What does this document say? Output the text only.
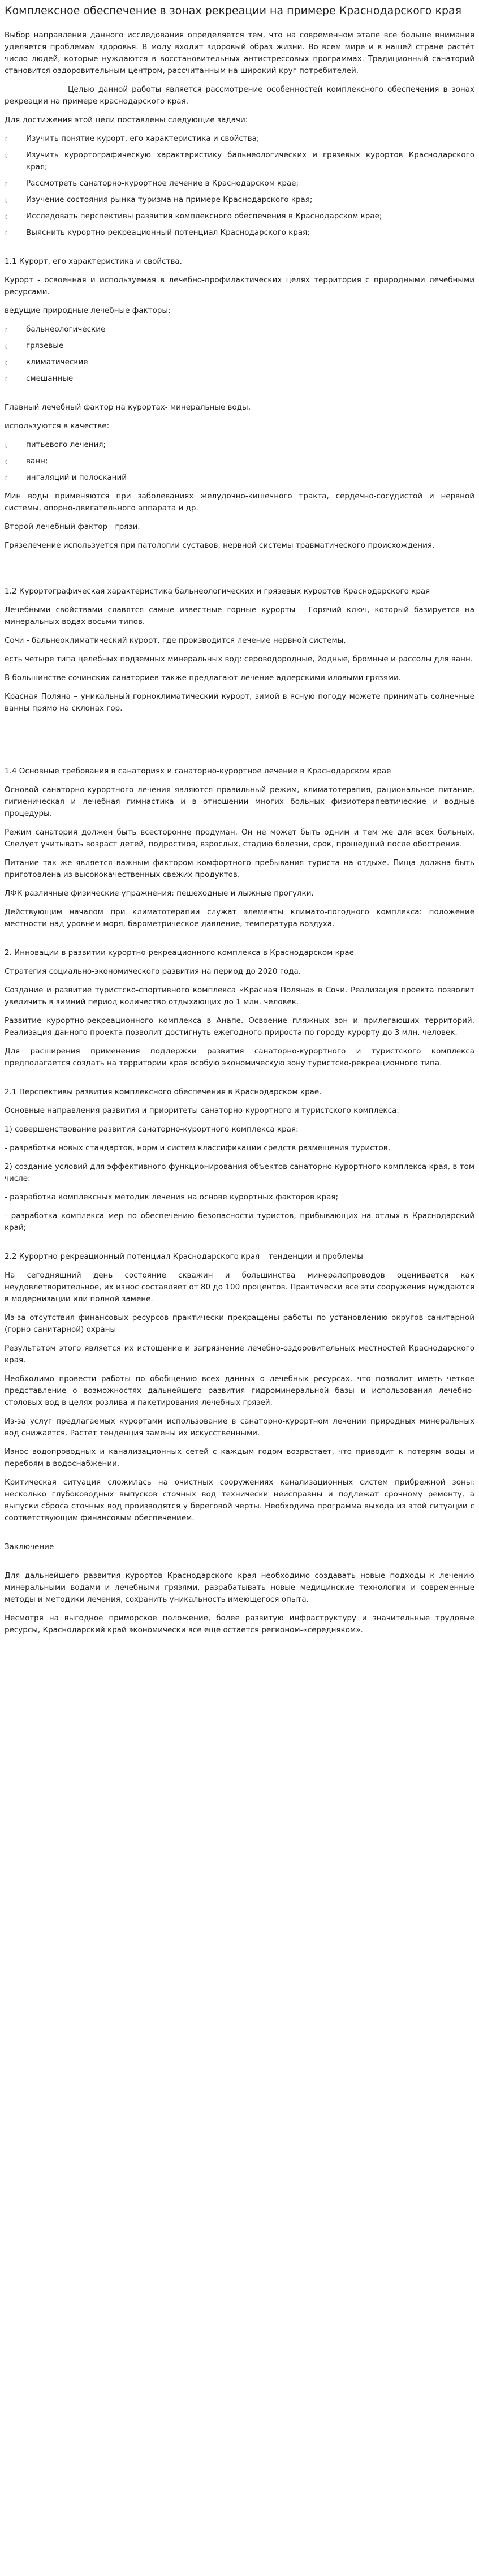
Комплексное обеспечение в зонах рекреации на примере Краснодарского края

Выбор направления данного исследования определяется тем, что на современном этапе все больше внимания уделяется проблемам здоровья. В моду входит здоровый образ жизни. Во всем мире и в нашей стране растёт число людей, которые нуждаются в восстановительных антистрессовых программах. Традиционный санаторий становится оздоровительным центром, рассчитанным на широкий круг потребителей.

Целью данной работы является рассмотрение особенностей комплексного обеспечения в зонах рекреации на примере краснодарского края.

Для достижения этой цели поставлены следующие задачи:

▯ Изучить понятие курорт, его характеристика и свойства;
▯ Изучить курортографическую характеристику бальнеологических и грязевых курортов Краснодарского края;
▯ Рассмотреть санаторно-курортное лечение в Краснодарском крае;
▯ Изучение состояния рынка туризма на примере Краснодарского края;
▯ Исследовать перспективы развития комплексного обеспечения в Краснодарском крае;
▯ Выяснить курортно-рекреационный потенциал Краснодарского края;

1.1 Курорт, его характеристика и свойства.

Курорт - освоенная и используемая в лечебно-профилактических целях территория с природными лечебными ресурсами.

ведущие природные лечебные факторы:

▯ бальнеологические
▯ грязевые
▯ климатические
▯ смешанные

Главный лечебный фактор на курортах- минеральные воды,

используются в качестве:

▯ питьевого лечения;
▯ ванн;
▯ ингаляций и полосканий

Мин воды применяются при заболеваниях желудочно-кишечного тракта, сердечно-сосудистой и нервной системы, опорно-двигательного аппарата и др.

Второй лечебный фактор - грязи.

Грязелечение используется при патологии суставов, нервной системы травматического происхождения.

1.2 Курортографическая характеристика бальнеологических и грязевых курортов Краснодарского края

Лечебными свойствами славятся самые известные горные курорты - Горячий ключ, который базируется на минеральных водах восьми типов.

Сочи - бальнеоклиматический курорт, где производится лечение нервной системы,

есть четыре типа целебных подземных минеральных вод: сероводородные, йодные, бромные и рассолы для ванн.

В большинстве сочинских санаториев также предлагают лечение адлерскими иловыми грязями.

Красная Поляна – уникальный горноклиматический курорт, зимой в ясную погоду можете принимать солнечные ванны прямо на склонах гор.

1.4 Основные требования в санаториях и санаторно-курортное лечение в Краснодарском крае

Основой санаторно-курортного лечения являются правильный режим, климатотерапия, рациональное питание, гигиеническая и лечебная гимнастика и в отношении многих больных физиотерапевтические и водные процедуры.

Режим санатория должен быть всесторонне продуман. Он не может быть одним и тем же для всех больных. Следует учитывать возраст детей, подростков, взрослых, стадию болезни, срок, прошедший после обострения.

Питание так же является важным фактором комфортного пребывания туриста на отдыхе. Пища должна быть приготовлена из высококачественных свежих продуктов.

ЛФК различные физические упражнения: пешеходные и лыжные прогулки.

Действующим началом при климатотерапии служат элементы климато-погодного комплекса: положение местности над уровнем моря, барометрическое давление, температура воздуха.

2. Инновации в развитии курортно-рекреационного комплекса в Краснодарском крае

Стратегия социально-экономического развития на период до 2020 года.

Создание и развитие туристско-спортивного комплекса «Красная Поляна» в Сочи. Реализация проекта позволит увеличить в зимний период количество отдыхающих до 1 млн. человек.

Развитие курортно-рекреационного комплекса в Анапе. Освоение пляжных зон и прилегающих территорий. Реализация данного проекта позволит достигнуть ежегодного прироста по городу-курорту до 3 млн. человек.

Для расширения применения поддержки развития санаторно-курортного и туристского комплекса предполагается создать на территории края особую экономическую зону туристско-рекреационного типа.

2.1 Перспективы развития комплексного обеспечения в Краснодарском крае.

Основные направления развития и приоритеты санаторно-курортного и туристского комплекса:

1) совершенствование развития санаторно-курортного комплекса края:

- разработка новых стандартов, норм и систем классификации средств размещения туристов,

2) создание условий для эффективного функционирования объектов санаторно-курортного комплекса края, в том числе:

- разработка комплексных методик лечения на основе курортных факторов края;

- разработка комплекса мер по обеспечению безопасности туристов, прибывающих на отдых в Краснодарский край;

2.2 Курортно-рекреационный потенциал Краснодарского края – тенденции и проблемы

На сегодняшний день состояние скважин и большинства минералопроводов оценивается как неудовлетворительное, их износ составляет от 80 до 100 процентов. Практически все эти сооружения нуждаются в модернизации или полной замене.

Из-за отсутствия финансовых ресурсов практически прекращены работы по установлению округов санитарной (горно-санитарной) охраны

Результатом этого является их истощение и загрязнение лечебно-оздоровительных местностей Краснодарского края.

Необходимо провести работы по обобщению всех данных о лечебных ресурсах, что позволит иметь четкое представление о возможностях дальнейшего развития гидроминеральной базы и использования лечебно-столовых вод в целях розлива и пакетирования лечебных грязей.

Из-за услуг предлагаемых курортами использование в санаторно-курортном лечении природных минеральных вод снижается. Растет тенденция замены их искусственными.

Износ водопроводных и канализационных сетей с каждым годом возрастает, что приводит к потерям воды и перебоям в водоснабжении.

Критическая ситуация сложилась на очистных сооружениях канализационных систем прибрежной зоны: несколько глубоководных выпусков сточных вод технически неисправны и подлежат срочному ремонту, а выпуски сброса сточных вод производятся у береговой черты. Необходима программа выхода из этой ситуации с соответствующим финансовым обеспечением.

Заключение

Для дальнейшего развития курортов Краснодарского края необходимо создавать новые подходы к лечению минеральными водами и лечебными грязями, разрабатывать новые медицинские технологии и современные методы и методики лечения, сохранить уникальность имеющегося опыта.

Несмотря на выгодное приморское положение, более развитую инфраструктуру и значительные трудовые ресурсы, Краснодарский край экономически все еще остается регионом-«середняком».
